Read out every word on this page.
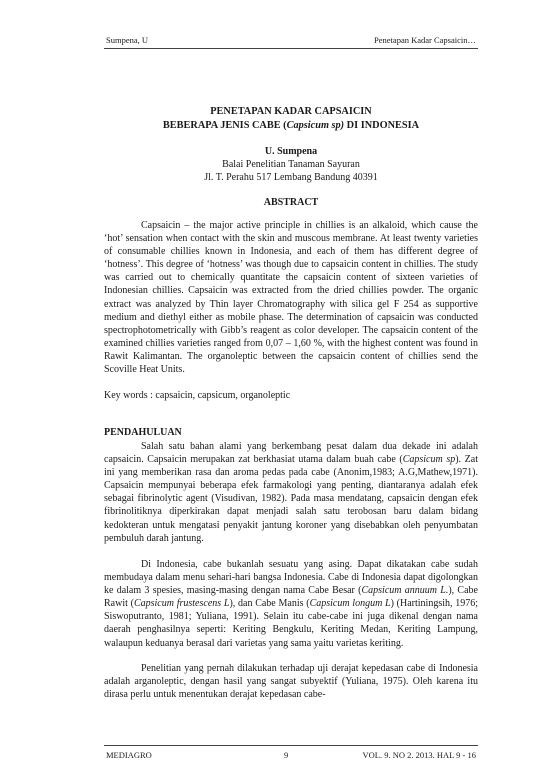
Sumpena, U	Penetapan Kadar Capsaicin…
PENETAPAN KADAR CAPSAICIN
BEBERAPA JENIS CABE (Capsicum sp) DI INDONESIA
U. Sumpena
Balai Penelitian Tanaman Sayuran
Jl. T. Perahu 517 Lembang Bandung 40391
ABSTRACT

Capsaicin – the major active principle in chillies is an alkaloid, which cause the ‘hot’ sensation when contact with the skin and muscous membrane. At least twenty varieties of consumable chillies known in Indonesia, and each of them has different degree of ‘hotness’. This degree of ‘hotness’ was though due to capsaicin content in chillies. The study was carried out to chemically quantitate the capsaicin content of sixteen varieties of Indonesian chillies. Capsaicin was extracted from the dried chillies powder. The organic extract was analyzed by Thin layer Chromatography with silica gel F 254 as supportive medium and diethyl either as mobile phase. The determination of capsaicin was conducted spectrophotometrically with Gibb’s reagent as color developer. The capsaicin content of the examined chillies varieties ranged from 0,07 – 1,60 %, with the highest content was found in Rawit Kalimantan. The organoleptic between the capsaicin content of chillies send the Scoville Heat Units.

Key words : capsaicin, capsicum, organoleptic
PENDAHULUAN

Salah satu bahan alami yang berkembang pesat dalam dua dekade ini adalah capsaicin. Capsaicin merupakan zat berkhasiat utama dalam buah cabe (Capsicum sp). Zat ini yang memberikan rasa dan aroma pedas pada cabe (Anonim,1983; A.G,Mathew,1971). Capsaicin mempunyai beberapa efek farmakologi yang penting, diantaranya adalah efek sebagai fibrinolytic agent (Visudivan, 1982). Pada masa mendatang, capsaicin dengan efek fibrinolitiknya diperkirakan dapat menjadi salah satu terobosan baru dalam bidang kedokteran untuk mengatasi penyakit jantung koroner yang disebabkan oleh penyumbatan pembuluh darah jantung.

Di Indonesia, cabe bukanlah sesuatu yang asing. Dapat dikatakan cabe sudah membudaya dalam menu sehari-hari bangsa Indonesia. Cabe di Indonesia dapat digolongkan ke dalam 3 spesies, masing-masing dengan nama Cabe Besar (Capsicum annuum L.), Cabe Rawit (Capsicum frustescens L), dan Cabe Manis (Capsicum longum L) (Hartiningsih, 1976; Siswoputranto, 1981; Yuliana, 1991). Selain itu cabe-cabe ini juga dikenal dengan nama daerah penghasilnya seperti: Keriting Bengkulu, Keriting Medan, Keriting Lampung, walaupun keduanya berasal dari varietas yang sama yaitu varietas keriting.

Penelitian yang pernah dilakukan terhadap uji derajat kepedasan cabe di Indonesia adalah arganoleptic, dengan hasil yang sangat subyektif (Yuliana, 1975). Oleh karena itu dirasa perlu untuk menentukan derajat kepedasan cabe-

MEDIAGRO	9	VOL. 9. NO 2. 2013. HAL 9 - 16
